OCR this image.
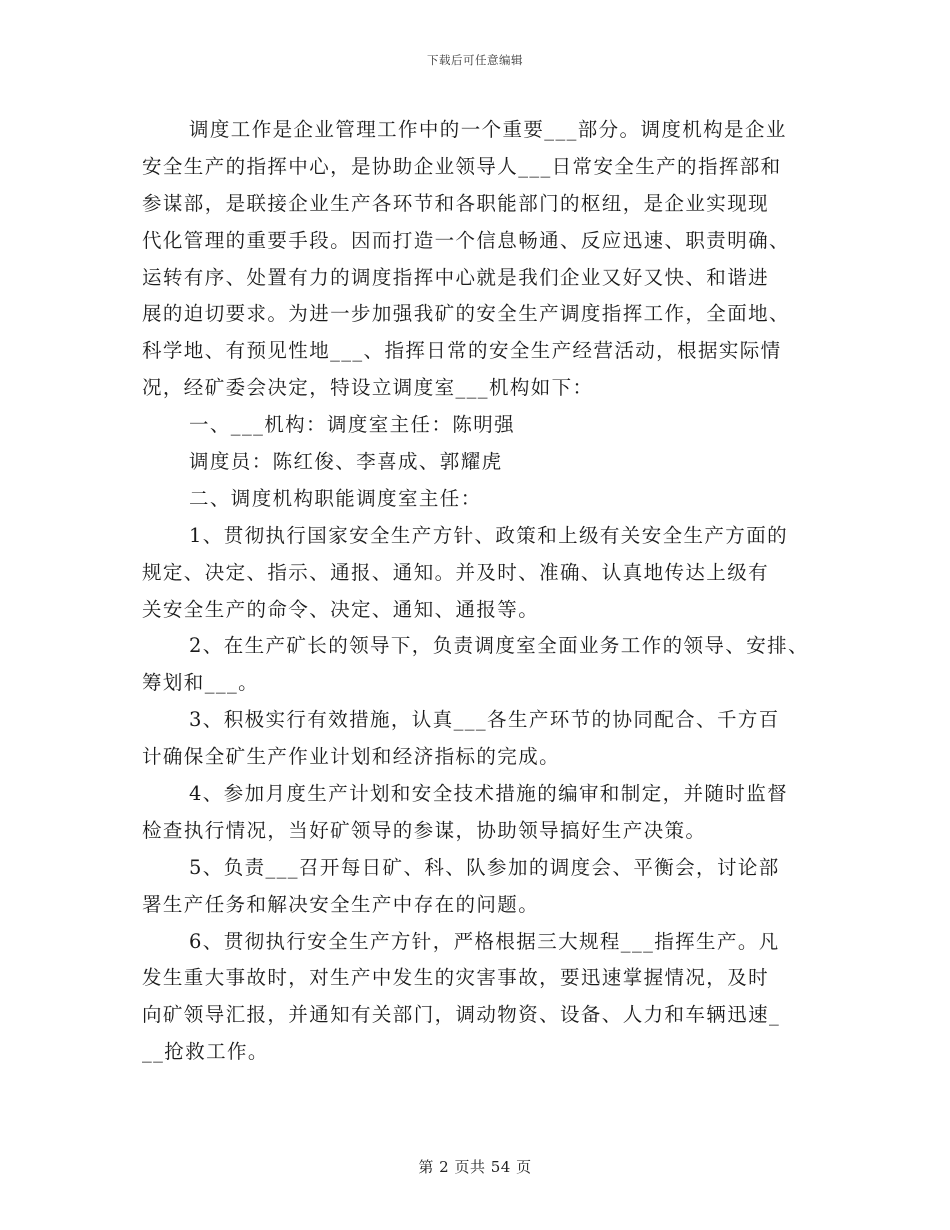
下载后可任意编辑
调度工作是企业管理工作中的一个重要___部分。调度机构是企业
安全生产的指挥中心，是协助企业领导人___日常安全生产的指挥部和
参谋部，是联接企业生产各环节和各职能部门的枢纽，是企业实现现
代化管理的重要手段。因而打造一个信息畅通、反应迅速、职责明确、
运转有序、处置有力的调度指挥中心就是我们企业又好又快、和谐进
展的迫切要求。为进一步加强我矿的安全生产调度指挥工作，全面地、
科学地、有预见性地___、指挥日常的安全生产经营活动，根据实际情
况，经矿委会决定，特设立调度室___机构如下：
一、___机构：调度室主任：陈明强
调度员：陈红俊、李喜成、郭耀虎
二、调度机构职能调度室主任：
1、贯彻执行国家安全生产方针、政策和上级有关安全生产方面的
规定、决定、指示、通报、通知。并及时、准确、认真地传达上级有
关安全生产的命令、决定、通知、通报等。
2、在生产矿长的领导下，负责调度室全面业务工作的领导、安排、
筹划和___。
3、积极实行有效措施，认真___各生产环节的协同配合、千方百
计确保全矿生产作业计划和经济指标的完成。
4、参加月度生产计划和安全技术措施的编审和制定，并随时监督
检查执行情况，当好矿领导的参谋，协助领导搞好生产决策。
5、负责___召开每日矿、科、队参加的调度会、平衡会，讨论部
署生产任务和解决安全生产中存在的问题。
6、贯彻执行安全生产方针，严格根据三大规程___指挥生产。凡
发生重大事故时，对生产中发生的灾害事故，要迅速掌握情况，及时
向矿领导汇报，并通知有关部门，调动物资、设备、人力和车辆迅速_
__抢救工作。
第 2 页共 54 页
